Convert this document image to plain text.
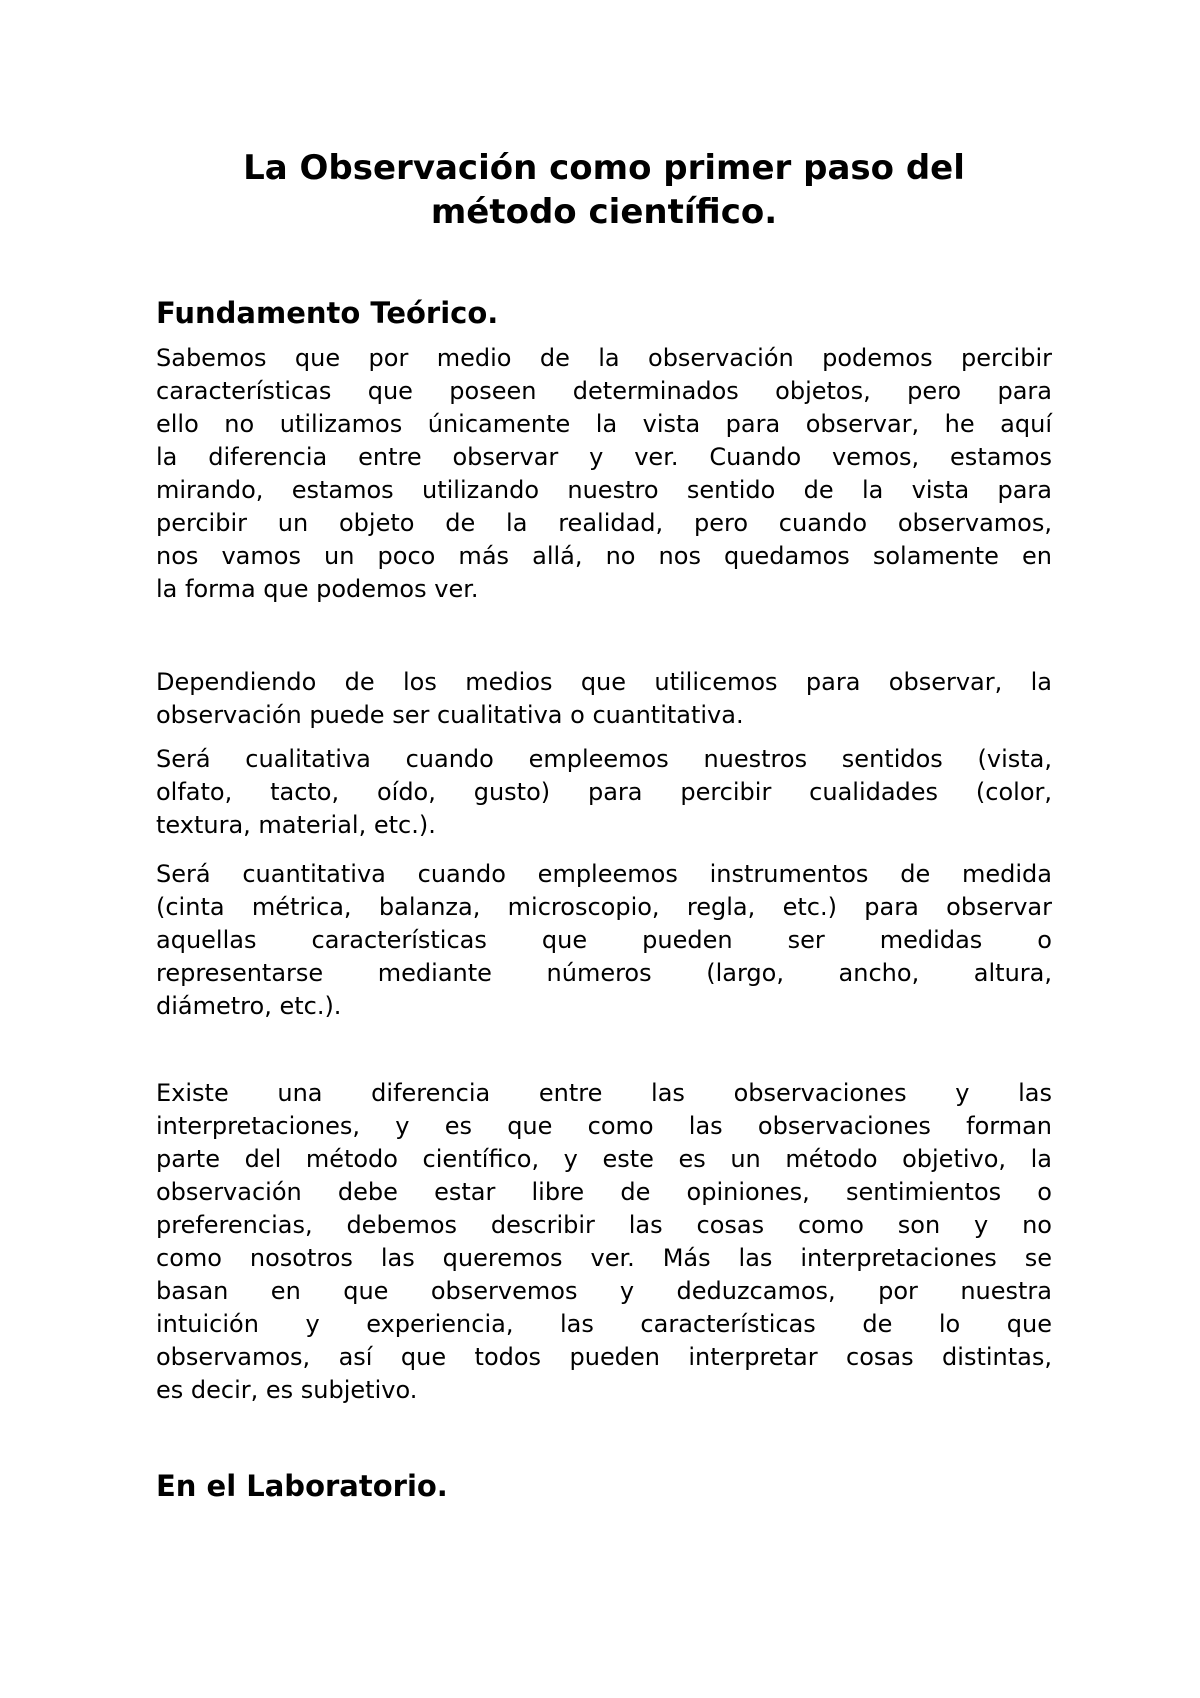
La Observación como primer paso del
método científico.
Fundamento Teórico.

Sabemos que por medio de la observación podemos percibir
características que poseen determinados objetos, pero para
ello no utilizamos únicamente la vista para observar, he aquí
la diferencia entre observar y ver. Cuando vemos, estamos
mirando, estamos utilizando nuestro sentido de la vista para
percibir un objeto de la realidad, pero cuando observamos,
nos vamos un poco más allá, no nos quedamos solamente en
la forma que podemos ver.

Dependiendo de los medios que utilicemos para observar, la
observación puede ser cualitativa o cuantitativa.

Será cualitativa cuando empleemos nuestros sentidos (vista,
olfato, tacto, oído, gusto) para percibir cualidades (color,
textura, material, etc.).

Será cuantitativa cuando empleemos instrumentos de medida
(cinta métrica, balanza, microscopio, regla, etc.) para observar
aquellas características que pueden ser medidas o
representarse mediante números (largo, ancho, altura,
diámetro, etc.).

Existe una diferencia entre las observaciones y las
interpretaciones, y es que como las observaciones forman
parte del método científico, y este es un método objetivo, la
observación debe estar libre de opiniones, sentimientos o
preferencias, debemos describir las cosas como son y no
como nosotros las queremos ver. Más las interpretaciones se
basan en que observemos y deduzcamos, por nuestra
intuición y experiencia, las características de lo que
observamos, así que todos pueden interpretar cosas distintas,
es decir, es subjetivo.

En el Laboratorio.
